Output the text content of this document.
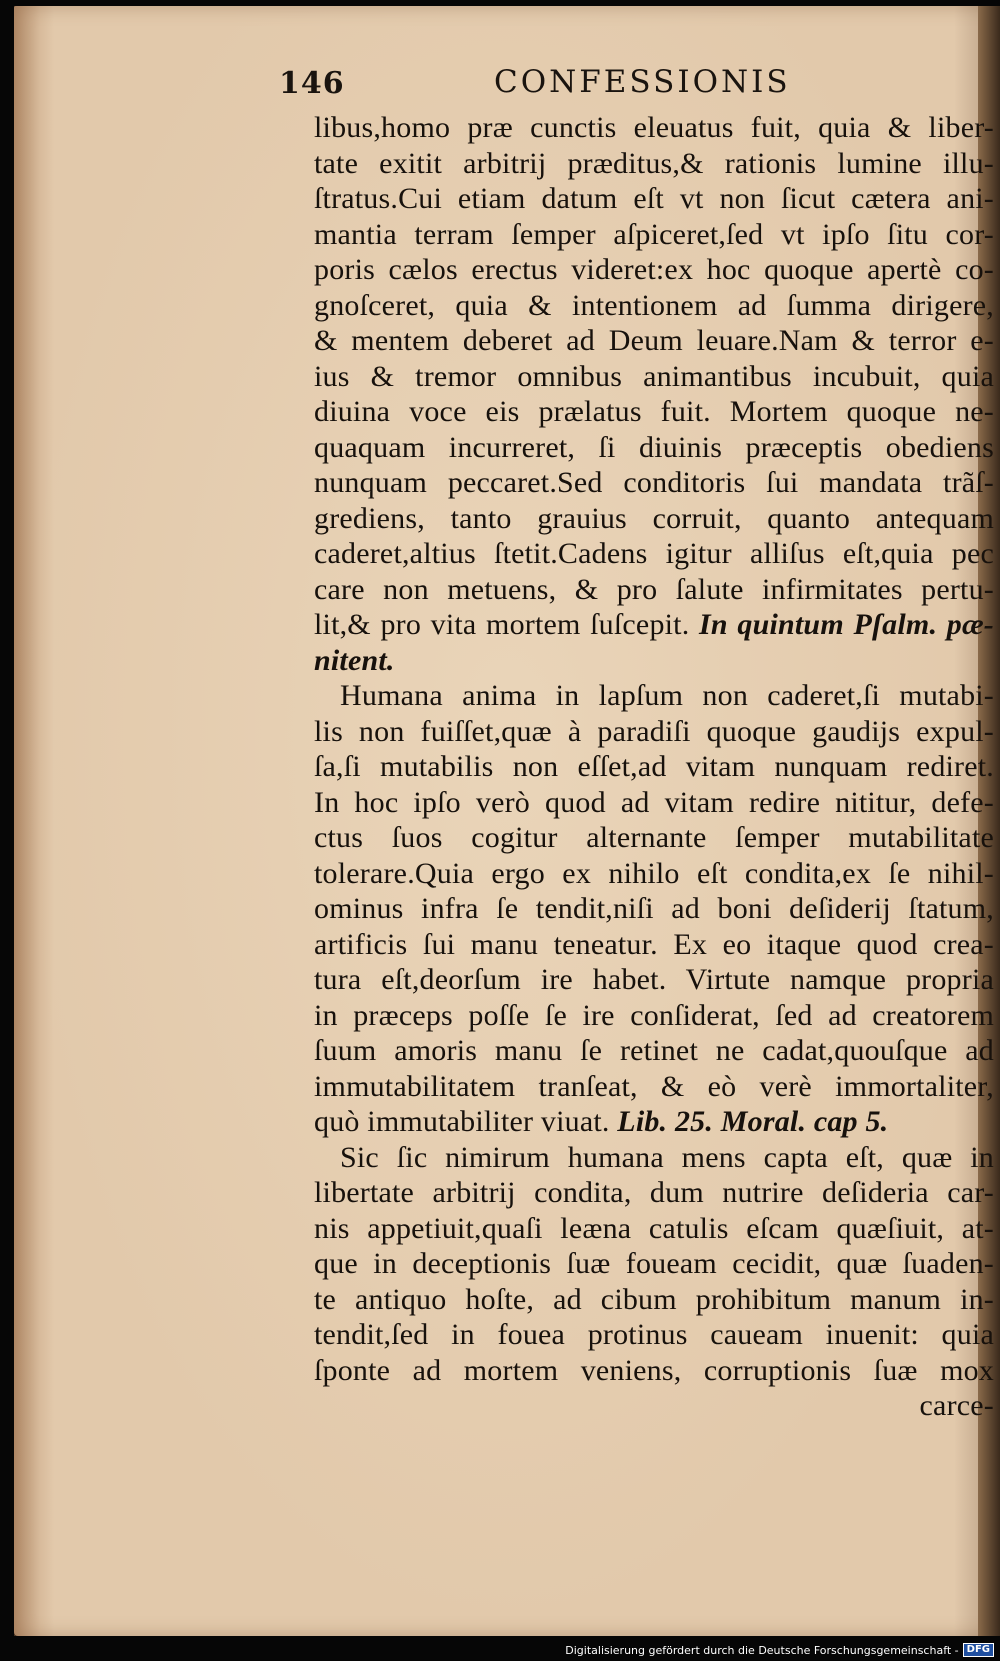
146	CONFESSIONIS
libus,homo præ cunctis eleuatus fuit, quia & liber-
tate exitit arbitrij præditus,& rationis lumine illu-
ſtratus.Cui etiam datum eſt vt non ſicut cætera ani-
mantia terram ſemper aſpiceret,ſed vt ipſo ſitu cor-
poris cælos erectus videret:ex hoc quoque apertè co-
gnoſceret, quia & intentionem ad ſumma dirigere,
& mentem deberet ad Deum leuare.Nam & terror e-
ius & tremor omnibus animantibus incubuit, quia
diuina voce eis prælatus fuit. Mortem quoque ne-
quaquam incurreret, ſi diuinis præceptis obediens
nunquam peccaret.Sed conditoris ſui mandata trãſ-
grediens, tanto grauius corruit, quanto antequam
caderet,altius ſtetit.Cadens igitur alliſus eſt,quia pec
care non metuens, & pro ſalute infirmitates pertu-
lit,& pro vita mortem ſuſcepit. In quintum Pſalm. pæ-
nitent.
Humana anima in lapſum non caderet,ſi mutabi-
lis non fuiſſet,quæ à paradiſi quoque gaudijs expul-
ſa,ſi mutabilis non eſſet,ad vitam nunquam rediret.
In hoc ipſo verò quod ad vitam redire nititur, defe-
ctus ſuos cogitur alternante ſemper mutabilitate
tolerare.Quia ergo ex nihilo eſt condita,ex ſe nihil-
ominus infra ſe tendit,niſi ad boni deſiderij ſtatum,
artificis ſui manu teneatur. Ex eo itaque quod crea-
tura eſt,deorſum ire habet. Virtute namque propria
in præceps poſſe ſe ire conſiderat, ſed ad creatorem
ſuum amoris manu ſe retinet ne cadat,quouſque ad
immutabilitatem tranſeat, & eò verè immortaliter,
quò immutabiliter viuat. Lib. 25. Moral. cap 5.
Sic ſic nimirum humana mens capta eſt, quæ in
libertate arbitrij condita, dum nutrire deſideria car-
nis appetiuit,quaſi leæna catulis eſcam quæſiuit, at-
que in deceptionis ſuæ foueam cecidit, quæ ſuaden-
te antiquo hoſte, ad cibum prohibitum manum in-
tendit,ſed in fouea protinus caueam inuenit: quia
ſponte ad mortem veniens, corruptionis ſuæ mox
carce-
Digitalisierung gefördert durch die Deutsche Forschungsgemeinschaft - DFG
